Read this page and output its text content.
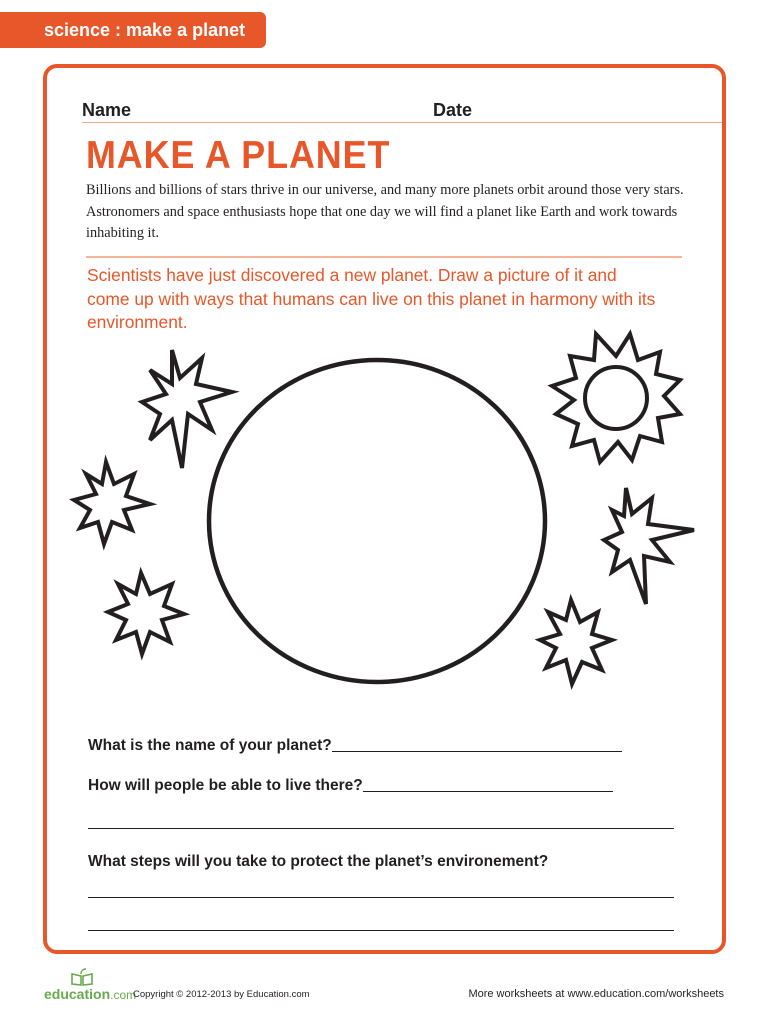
science : make a planet
Name	Date
MAKE A PLANET
Billions and billions of stars thrive in our universe, and many more planets orbit around those very stars. Astronomers and space enthusiasts hope that one day we will find a planet like Earth and work towards inhabiting it.
Scientists have just discovered a new planet. Draw a picture of it and come up with ways that humans can live on this planet in harmony with its environment.
What is the name of your planet?
How will people be able to live there?
What steps will you take to protect the planet’s environement?
education.com
Copyright © 2012-2013 by Education.com	More worksheets at www.education.com/worksheets
